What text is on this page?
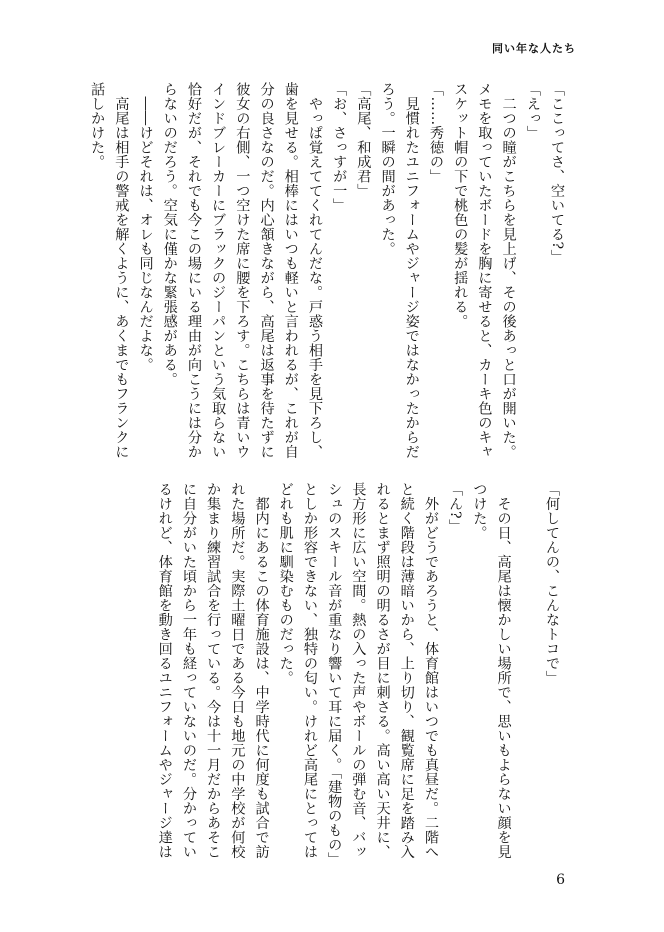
同い年な人たち

「ここってさ、空いてる?」

「えっ」

　二つの瞳がこちらを見上げ、その後あっと口が開いた。

メモを取っていたボードを胸に寄せると、カーキ色のキャ

スケット帽の下で桃色の髪が揺れる。

「……秀徳の」

　見慣れたユニフォームやジャージ姿ではなかったからだ

ろう。一瞬の間があった。

「高尾、和成君」

「お、さっすが一」

　やっぱ覚えててくれてんだな。戸惑う相手を見下ろし、

歯を見せる。相棒にはいつも軽いと言われるが、これが自

分の良さなのだ。内心頷きながら、高尾は返事を待たずに

彼女の右側、一つ空けた席に腰を下ろす。こちらは青いウ

インドブレーカーにブラックのジーパンという気取らない

恰好だが、それでも今この場にいる理由が向こうには分か

らないのだろう。空気に僅かな緊張感がある。

　――けどそれは、オレも同じなんだよな。

　高尾は相手の警戒を解くように、あくまでもフランクに

話しかけた。

「何してんの、こんなトコで」

　その日、高尾は懐かしい場所で、思いもよらない顔を見

つけた。

「ん?」

　外がどうであろうと、体育館はいつでも真昼だ。二階へ

と続く階段は薄暗いから、上り切り、観覧席に足を踏み入

れるとまず照明の明るさが目に刺さる。高い高い天井に、

長方形に広い空間。熱の入った声やボールの弾む音、バッ

シュのスキール音が重なり響いて耳に届く。「建物のもの」

としか形容できない、独特の匂い。けれど高尾にとっては

どれも肌に馴染むものだった。

　都内にあるこの体育施設は、中学時代に何度も試合で訪

れた場所だ。実際土曜日である今日も地元の中学校が何校

か集まり練習試合を行っている。今は十一月だからあそこ

に自分がいた頃から一年も経っていないのだ。分かってい

るけれど、体育館を動き回るユニフォームやジャージ達は

6
